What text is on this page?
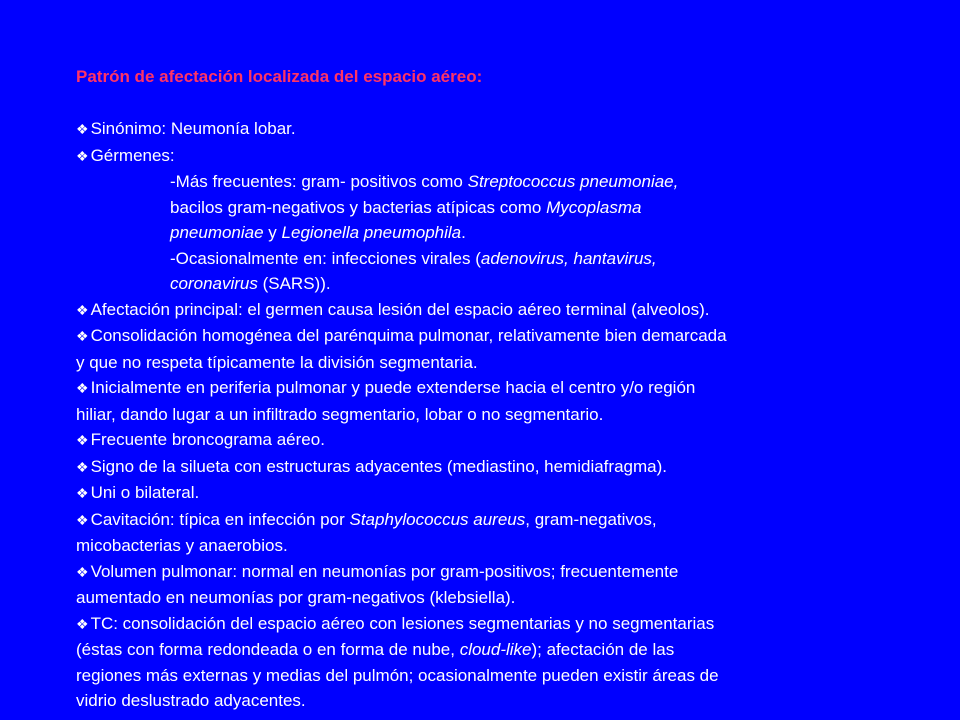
Patrón de afectación localizada del espacio aéreo:

❖ Sinónimo: Neumonía lobar.

❖ Gérmenes:

-Más frecuentes: gram- positivos como Streptococcus pneumoniae,
bacilos gram-negativos y bacterias atípicas como Mycoplasma
pneumoniae y Legionella pneumophila.

-Ocasionalmente en: infecciones virales (adenovirus, hantavirus,
coronavirus (SARS)).

❖ Afectación principal: el germen causa lesión del espacio aéreo terminal (alveolos).

❖ Consolidación homogénea del parénquima pulmonar, relativamente bien demarcada
y que no respeta típicamente la división segmentaria.

❖ Inicialmente en periferia pulmonar y puede extenderse hacia el centro y/o región
hiliar, dando lugar a un infiltrado segmentario, lobar o no segmentario.

❖ Frecuente broncograma aéreo.

❖ Signo de la silueta con estructuras adyacentes (mediastino, hemidiafragma).

❖ Uni o bilateral.

❖ Cavitación: típica en infección por Staphylococcus aureus, gram-negativos,
micobacterias y anaerobios.

❖ Volumen pulmonar: normal en neumonías por gram-positivos; frecuentemente
aumentado en neumonías por gram-negativos (klebsiella).

❖ TC: consolidación del espacio aéreo con lesiones segmentarias y no segmentarias
(éstas con forma redondeada o en forma de nube, cloud-like); afectación de las
regiones más externas y medias del pulmón; ocasionalmente pueden existir áreas de
vidrio deslustrado adyacentes.
